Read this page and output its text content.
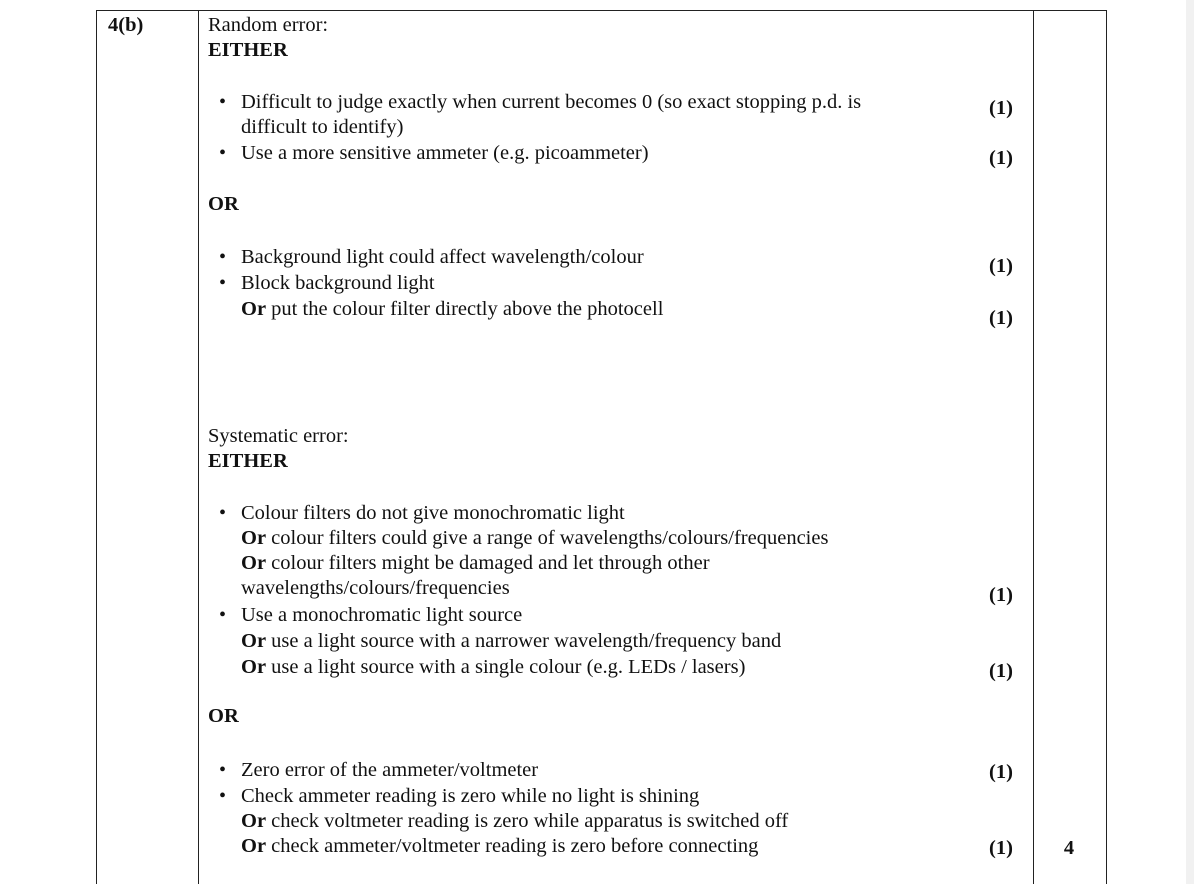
4(b)	Random error:
EITHER
• Difficult to judge exactly when current becomes 0 (so exact stopping p.d. is
difficult to identify)
(1)
• Use a more sensitive ammeter (e.g. picoammeter)	(1)
OR
• Background light could affect wavelength/colour	(1)
• Block background light
Or put the colour filter directly above the photocell	(1)
Systematic error:
EITHER
• Colour filters do not give monochromatic light
Or colour filters could give a range of wavelengths/colours/frequencies
Or colour filters might be damaged and let through other
wavelengths/colours/frequencies	(1)
• Use a monochromatic light source
Or use a light source with a narrower wavelength/frequency band
Or use a light source with a single colour (e.g. LEDs / lasers)	(1)
OR
• Zero error of the ammeter/voltmeter	(1)
• Check ammeter reading is zero while no light is shining
Or check voltmeter reading is zero while apparatus is switched off
Or check ammeter/voltmeter reading is zero before connecting	(1) 4
